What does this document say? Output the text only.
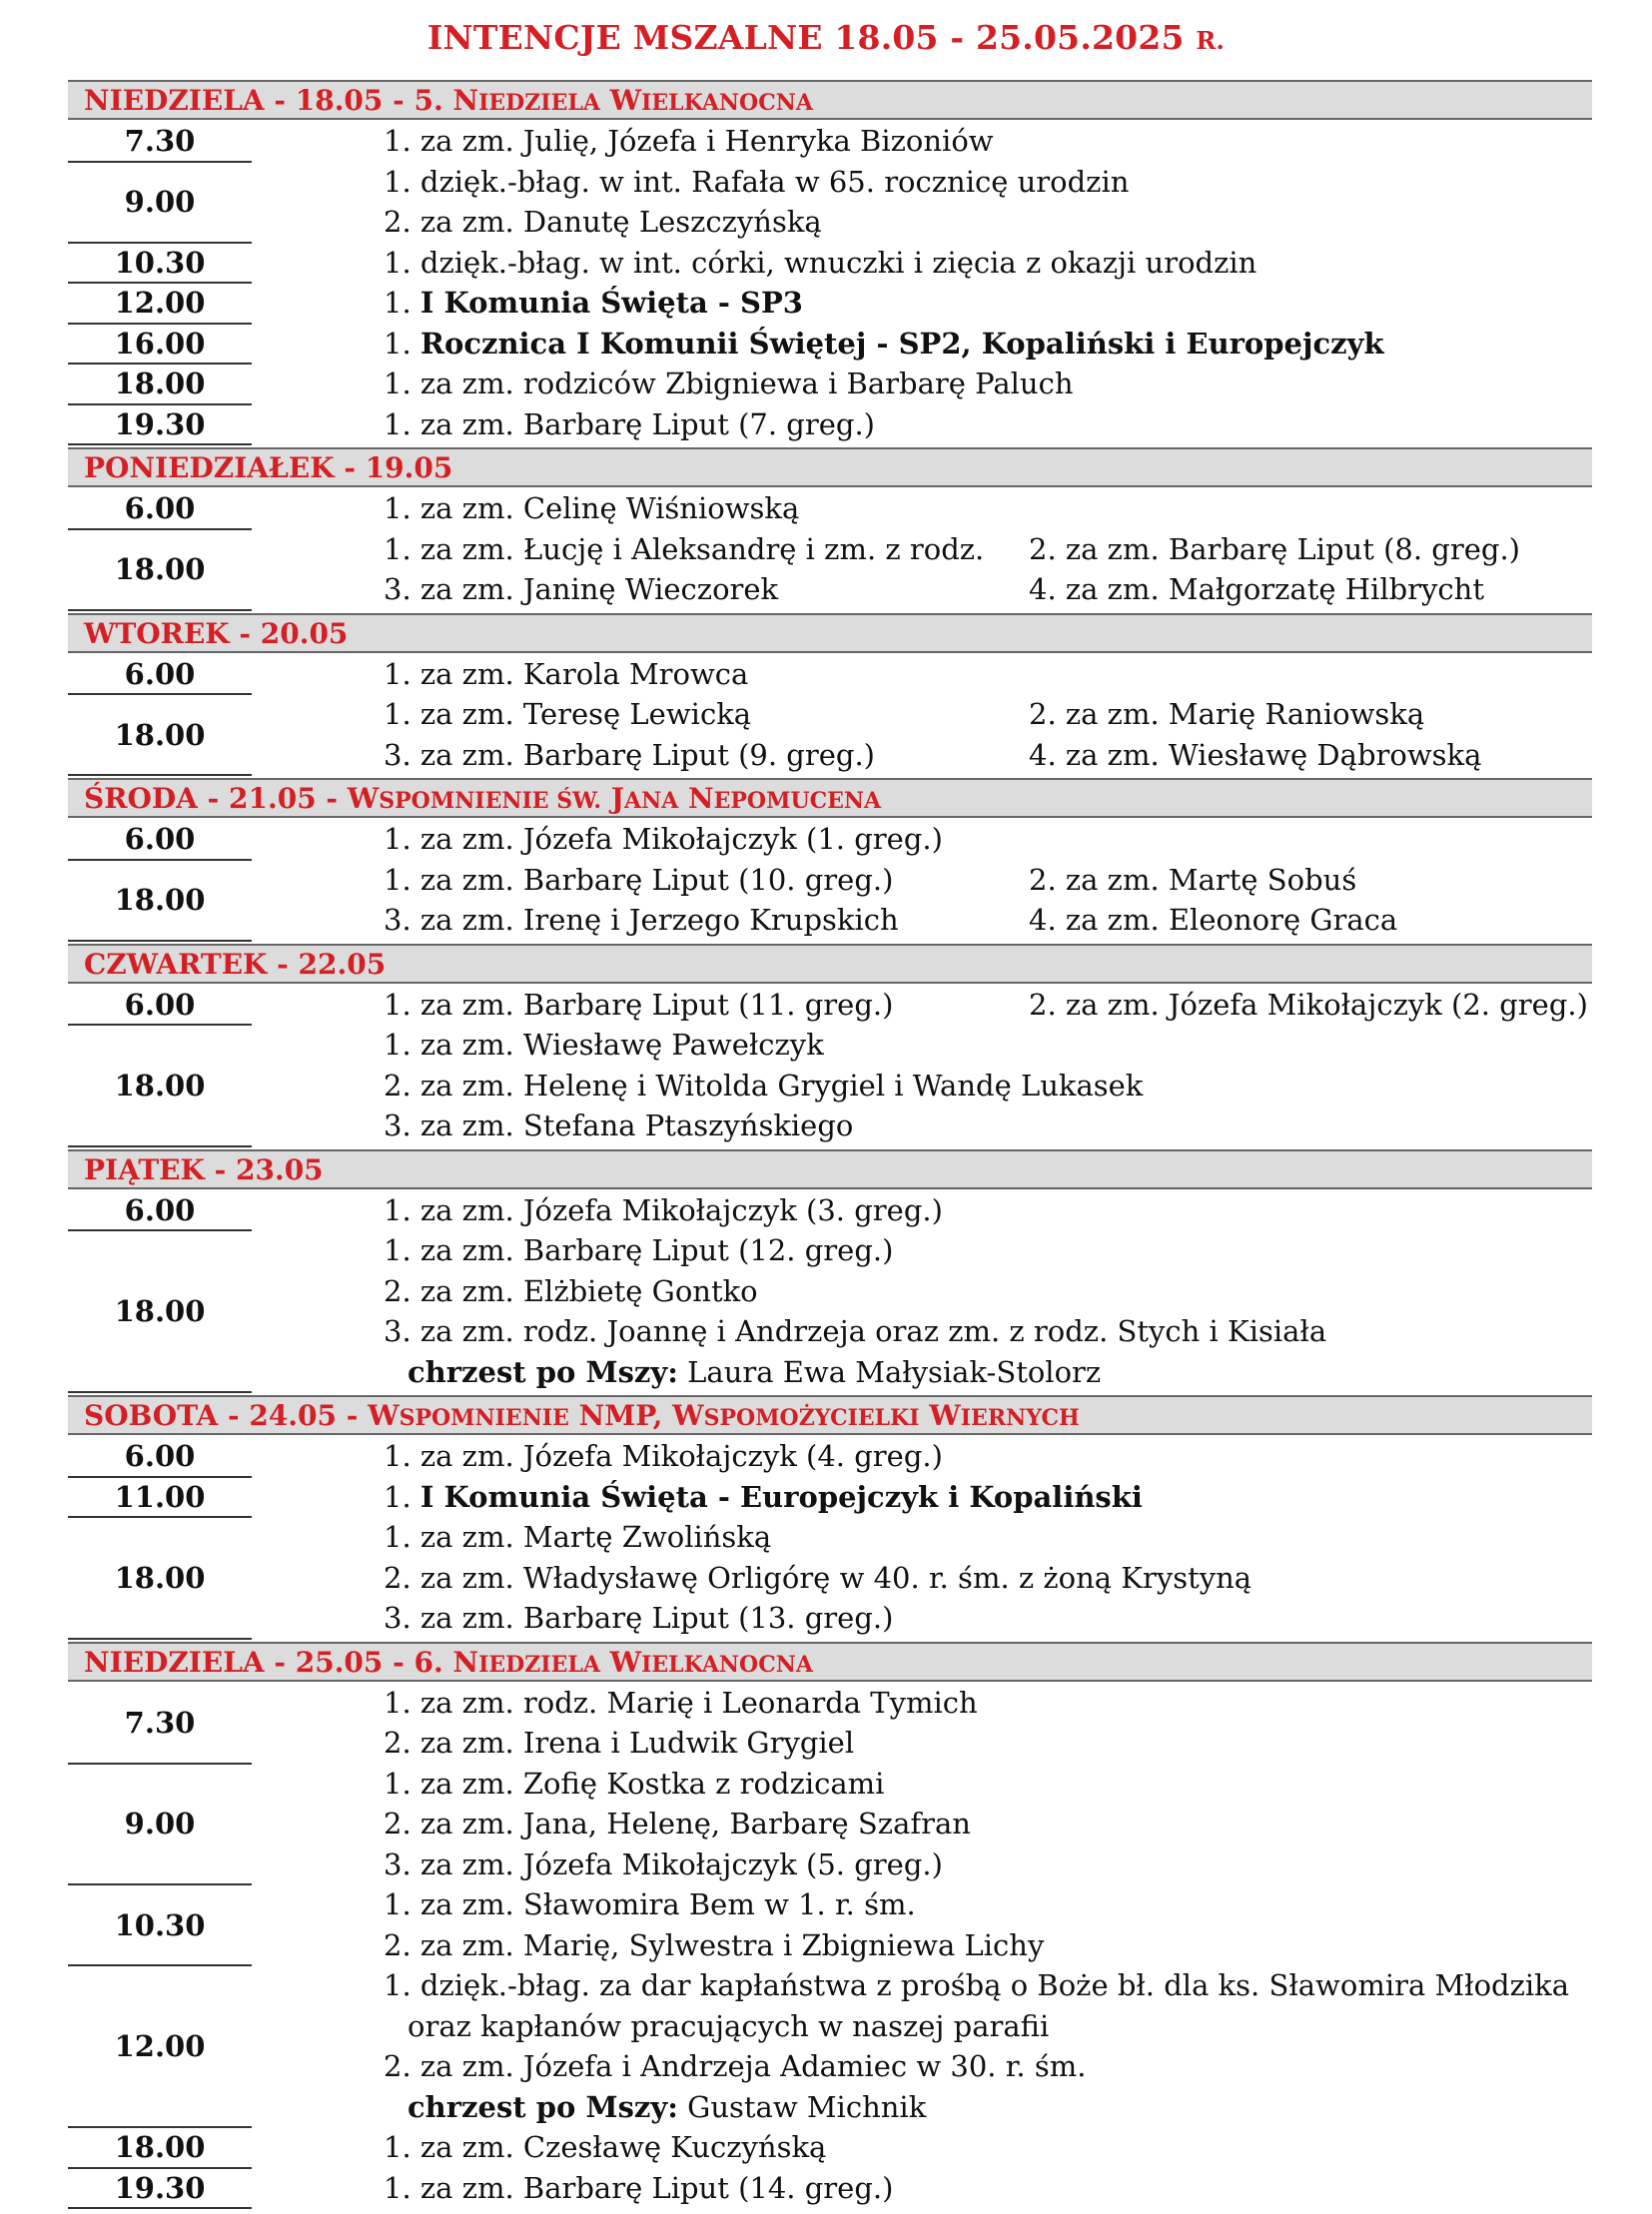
INTENCJE MSZALNE 18.05 - 25.05.2025 R.
NIEDZIELA - 18.05 - 5. NIEDZIELA WIELKANOCNA
7.30	1. za zm. Julię, Józefa i Henryka Bizoniów
9.00
1. dzięk.-błag. w int. Rafała w 65. rocznicę urodzin
2. za zm. Danutę Leszczyńską
10.30	1. dzięk.-błag. w int. córki, wnuczki i zięcia z okazji urodzin
12.00	1. I Komunia Święta - SP3
16.00	1. Rocznica I Komunii Świętej - SP2, Kopaliński i Europejczyk
18.00	1. za zm. rodziców Zbigniewa i Barbarę Paluch
19.30	1. za zm. Barbarę Liput (7. greg.)
PONIEDZIAŁEK - 19.05
6.00	1. za zm. Celinę Wiśniowską
18.00
1. za zm. Łucję i Aleksandrę i zm. z rodz. 2. za zm. Barbarę Liput (8. greg.)
3. za zm. Janinę Wieczorek	4. za zm. Małgorzatę Hilbrycht
WTOREK - 20.05
6.00	1. za zm. Karola Mrowca
18.00
1. za zm. Teresę Lewicką	2. za zm. Marię Raniowską
3. za zm. Barbarę Liput (9. greg.)	4. za zm. Wiesławę Dąbrowską
ŚRODA - 21.05 - WSPOMNIENIE ŚW. JANA NEPOMUCENA
6.00	1. za zm. Józefa Mikołajczyk (1. greg.)
18.00
1. za zm. Barbarę Liput (10. greg.)	2. za zm. Martę Sobuś
3. za zm. Irenę i Jerzego Krupskich	4. za zm. Eleonorę Graca
CZWARTEK - 22.05
6.00	1. za zm. Barbarę Liput (11. greg.)	2. za zm. Józefa Mikołajczyk (2. greg.)
18.00
1. za zm. Wiesławę Pawełczyk
2. za zm. Helenę i Witolda Grygiel i Wandę Lukasek
3. za zm. Stefana Ptaszyńskiego
PIĄTEK - 23.05
6.00	1. za zm. Józefa Mikołajczyk (3. greg.)
18.00
1. za zm. Barbarę Liput (12. greg.)
2. za zm. Elżbietę Gontko
3. za zm. rodz. Joannę i Andrzeja oraz zm. z rodz. Stych i Kisiała
chrzest po Mszy: Laura Ewa Małysiak-Stolorz
SOBOTA - 24.05 - WSPOMNIENIE NMP, WSPOMOŻYCIELKI WIERNYCH
6.00	1. za zm. Józefa Mikołajczyk (4. greg.)
11.00	1. I Komunia Święta - Europejczyk i Kopaliński
18.00
1. za zm. Martę Zwolińską
2. za zm. Władysławę Orligórę w 40. r. śm. z żoną Krystyną
3. za zm. Barbarę Liput (13. greg.)
NIEDZIELA - 25.05 - 6. NIEDZIELA WIELKANOCNA
7.30
1. za zm. rodz. Marię i Leonarda Tymich
2. za zm. Irena i Ludwik Grygiel
9.00
1. za zm. Zofię Kostka z rodzicami
2. za zm. Jana, Helenę, Barbarę Szafran
3. za zm. Józefa Mikołajczyk (5. greg.)
10.30
1. za zm. Sławomira Bem w 1. r. śm.
2. za zm. Marię, Sylwestra i Zbigniewa Lichy
12.00
1. dzięk.-błag. za dar kapłaństwa z prośbą o Boże bł. dla ks. Sławomira Młodzika
oraz kapłanów pracujących w naszej parafii
2. za zm. Józefa i Andrzeja Adamiec w 30. r. śm.
chrzest po Mszy: Gustaw Michnik
18.00	1. za zm. Czesławę Kuczyńską
19.30	1. za zm. Barbarę Liput (14. greg.)
